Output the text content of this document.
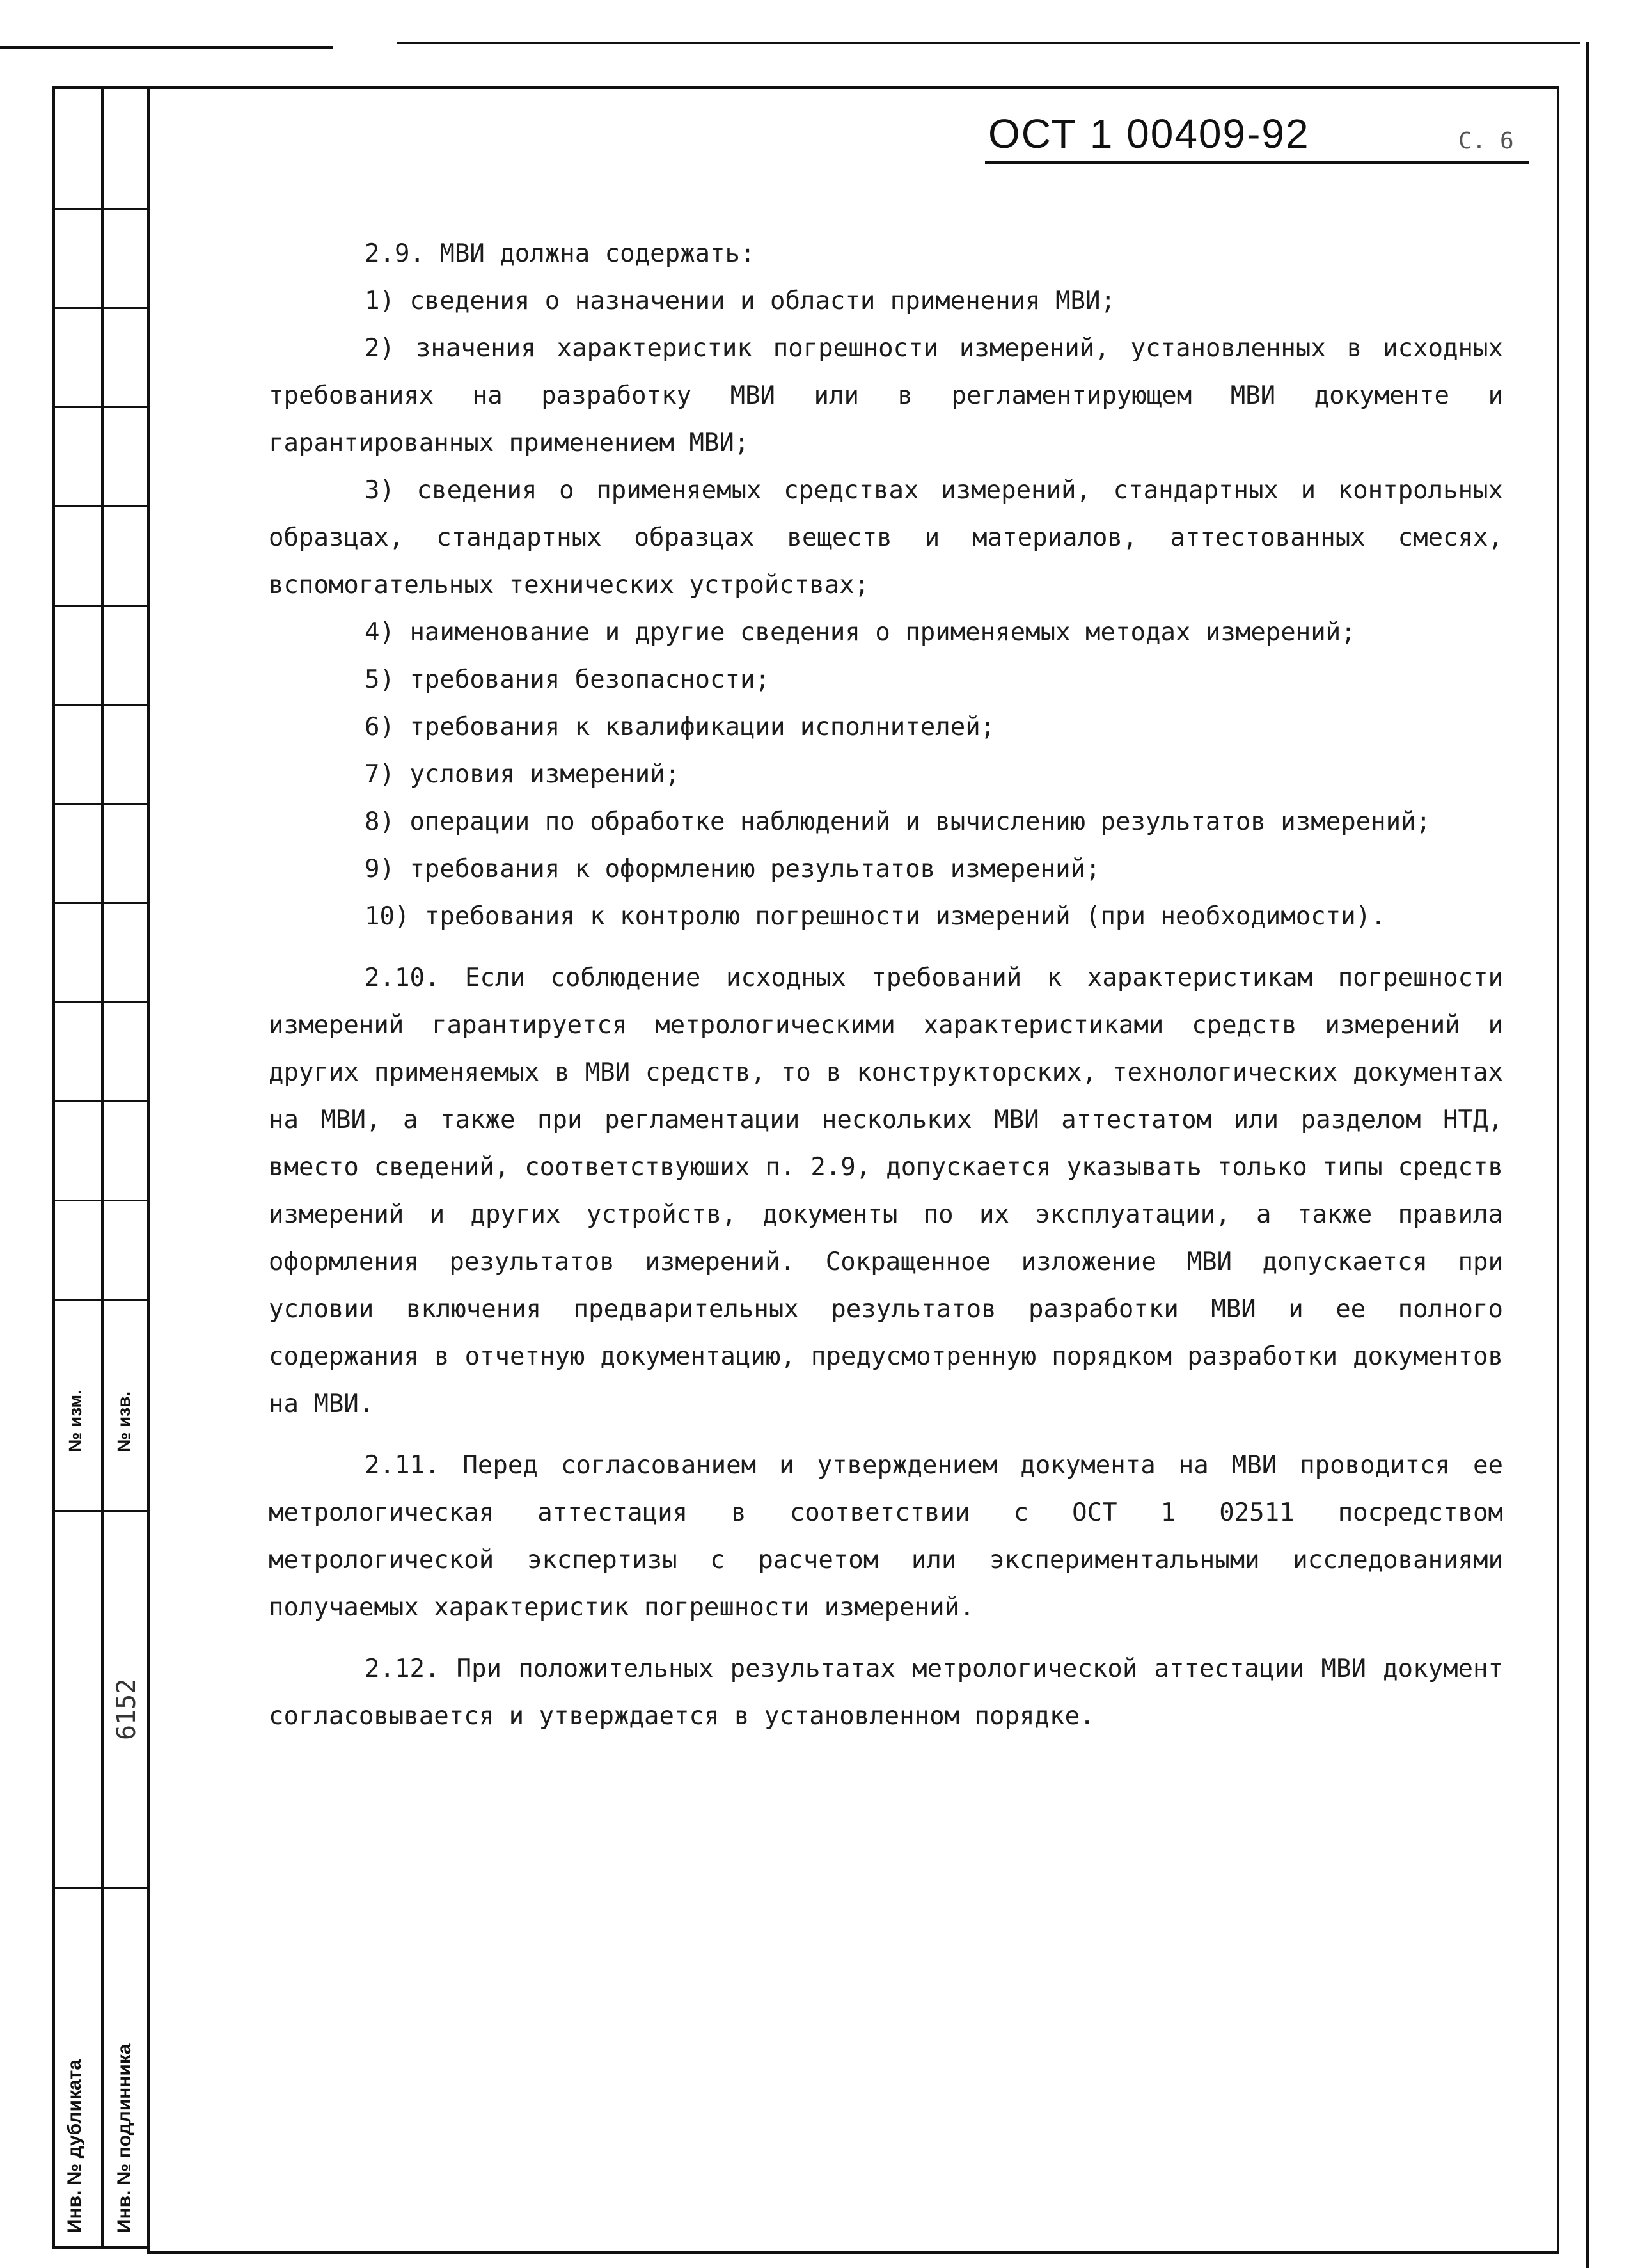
№ изм. № изв.
6152
Инв. № дубликата Инв. № подлинника
ОСТ 1 00409-92	С. 6

2.9. МВИ должна содержать:

1) сведения о назначении и области применения МВИ;

2) значения характеристик погрешности измерений, установленных в исходных требованиях на разработку МВИ или в регламентирующем МВИ документе и гарантированных применением МВИ;

3) сведения о применяемых средствах измерений, стандартных и контрольных образцах, стандартных образцах веществ и материалов, аттестованных смесях, вспомогательных технических устройствах;

4) наименование и другие сведения о применяемых методах измерений;

5) требования безопасности;

6) требования к квалификации исполнителей;

7) условия измерений;

8) операции по обработке наблюдений и вычислению результатов измерений;

9) требования к оформлению результатов измерений;

10) требования к контролю погрешности измерений (при необходимости).

2.10. Если соблюдение исходных требований к характеристикам погрешности измерений гарантируется метрологическими характеристиками средств измерений и других применяемых в МВИ средств, то в конструкторских, технологических документах на МВИ, а также при регламентации нескольких МВИ аттестатом или разделом НТД, вместо сведений, соответствуюших п. 2.9, допускается указывать только типы средств измерений и других устройств, документы по их эксплуатации, а также правила оформления результатов измерений. Сокращенное изложение МВИ допускается при условии включения предварительных результатов разработки МВИ и ее полного содержания в отчетную документацию, предусмотренную порядком разработки документов на МВИ.

2.11. Перед согласованием и утверждением документа на МВИ проводится ее метрологическая аттестация в соответствии с ОСТ 1 02511 посредством метрологической экспертизы с расчетом или экспериментальными исследованиями получаемых характеристик погрешности измерений.

2.12. При положительных результатах метрологической аттестации МВИ документ согласовывается и утверждается в установленном порядке.
